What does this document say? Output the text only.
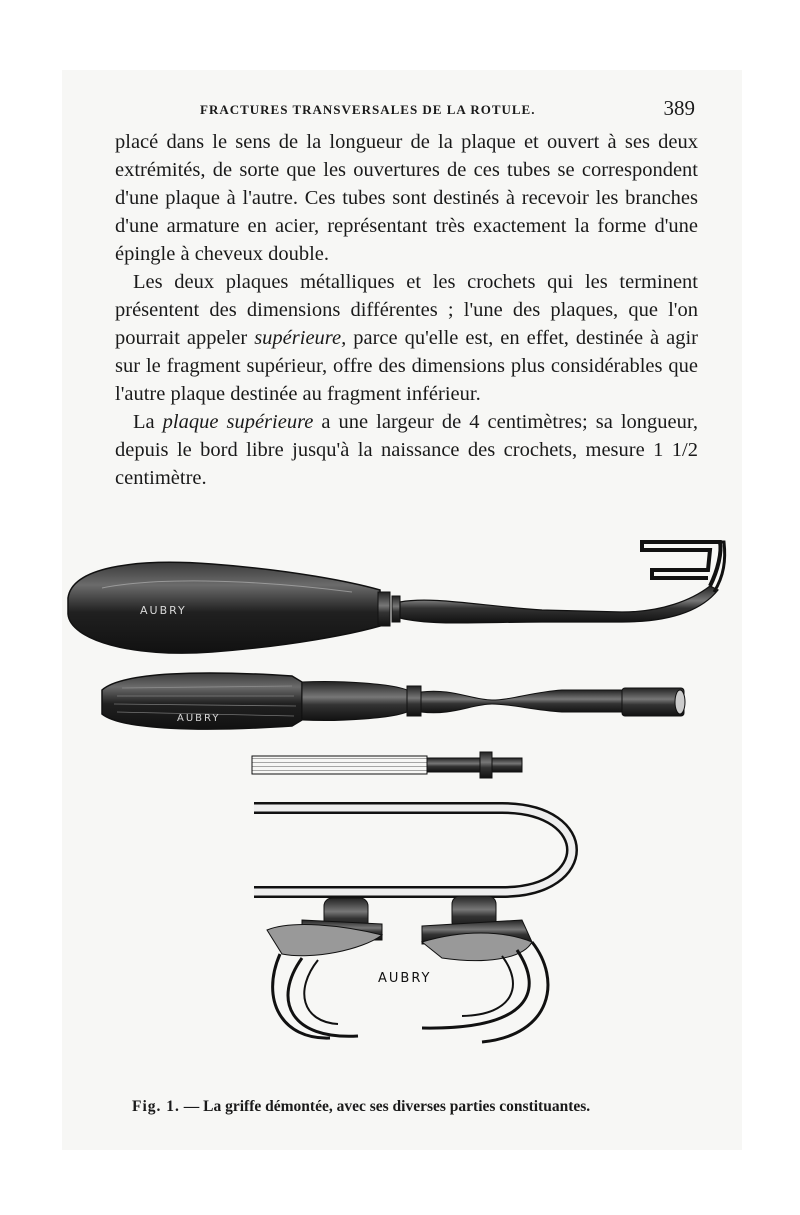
FRACTURES TRANSVERSALES DE LA ROTULE.	389

placé dans le sens de la longueur de la plaque et ouvert à ses deux extrémités, de sorte que les ouvertures de ces tubes se correspondent d'une plaque à l'autre. Ces tubes sont destinés à recevoir les branches d'une armature en acier, représentant très exactement la forme d'une épingle à cheveux double.

Les deux plaques métalliques et les crochets qui les terminent présentent des dimensions différentes ; l'une des plaques, que l'on pourrait appeler supérieure, parce qu'elle est, en effet, destinée à agir sur le fragment supérieur, offre des dimensions plus considérables que l'autre plaque destinée au fragment inférieur.

La plaque supérieure a une largeur de 4 centimètres; sa longueur, depuis le bord libre jusqu'à la naissance des crochets, mesure 1 1/2 centimètre.

AUBRY
AUBRY
AUBRY
Fig. 1. — La griffe démontée, avec ses diverses parties constituantes.
